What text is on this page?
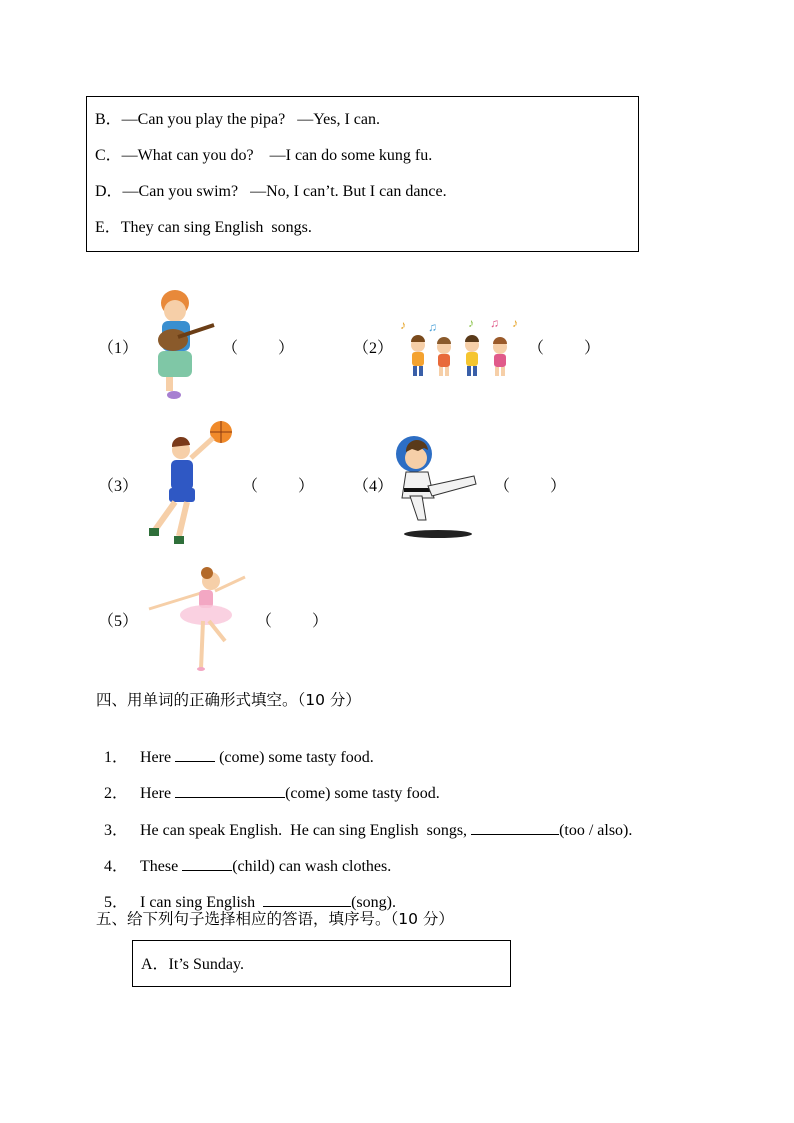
B．—Can you play the pipa?   —Yes, I can.
C．—What can you do?    —I can do some kung fu.
D．—Can you swim?   —No, I can’t. But I can dance.
E．They can sing English  songs.
（1）	（          ）	（2）
♪ ♫	♪ ♫ ♪
（          ）
（3）	（          ） （4）	（          ）
（5）	（          ）
四、用单词的正确形式填空。（10 分）

1． Here	(come) some tasty food.

2． Here	(come) some tasty food.

3． He can speak English.  He can sing English  songs,	(too / also).

4． These	(child) can wash clothes.

5． I can sing English	(song).

五、给下列句子选择相应的答语，填序号。（10 分）
A．It’s Sunday.
